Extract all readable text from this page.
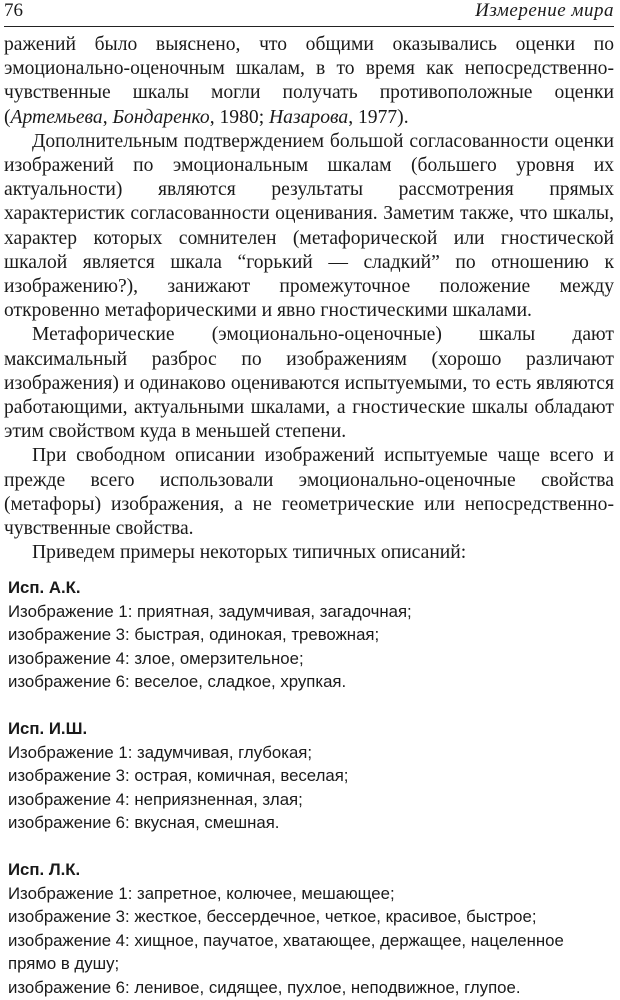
76	Измерение мира

ражений было выяснено, что общими оказывались оценки по эмоционально-оценочным шкалам, в то время как непосредственно-чувственные шкалы могли получать противоположные оценки (Артемьева, Бондаренко, 1980; Назарова, 1977).

Дополнительным подтверждением большой согласованности оценки изображений по эмоциональным шкалам (большего уровня их актуальности) являются результаты рассмотрения прямых характеристик согласованности оценивания. Заметим также, что шкалы, характер которых сомнителен (метафорической или гностической шкалой является шкала “горький — сладкий” по отношению к изображению?), занижают промежуточное положение между откровенно метафорическими и явно гностическими шкалами.

Метафорические (эмоционально-оценочные) шкалы дают максимальный разброс по изображениям (хорошо различают изображения) и одинаково оцениваются испытуемыми, то есть являются работающими, актуальными шкалами, а гностические шкалы обладают этим свойством куда в меньшей степени.

При свободном описании изображений испытуемые чаще всего и прежде всего использовали эмоционально-оценочные свойства (метафоры) изображения, а не геометрические или непосредственно-чувственные свойства.

Приведем примеры некоторых типичных описаний:

Исп. А.К.
Изображение 1: приятная, задумчивая, загадочная;
изображение 3: быстрая, одинокая, тревожная;
изображение 4: злое, омерзительное;
изображение 6: веселое, сладкое, хрупкая.
Исп. И.Ш.
Изображение 1: задумчивая, глубокая;
изображение 3: острая, комичная, веселая;
изображение 4: неприязненная, злая;
изображение 6: вкусная, смешная.
Исп. Л.К.
Изображение 1: запретное, колючее, мешающее;
изображение 3: жесткое, бессердечное, четкое, красивое, быстрое;
изображение 4: хищное, паучатое, хватающее, держащее, нацеленное прямо в душу;
изображение 6: ленивое, сидящее, пухлое, неподвижное, глупое.
